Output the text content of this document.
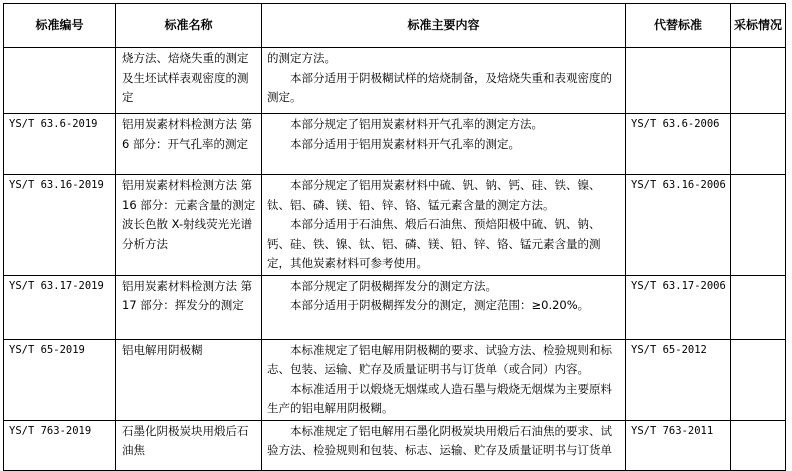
标准编号	标准名称	标准主要内容	代替标准	采标情况
	烧方法、焙烧失重的测定及生坯试样表观密度的测定	的测定方法。
本部分适用于阴极糊试样的焙烧制备，及焙烧失重和表观密度的测定。		

YS/T 63.6-2019	铝用炭素材料检测方法 第 6 部分：开气孔率的测定	本部分规定了铝用炭素材料开气孔率的测定方法。
本部分适用于铝用炭素材料开气孔率的测定。	YS/T 63.6-2006	
YS/T 63.16-2019	铝用炭素材料检测方法 第 16 部分：元素含量的测定 波长色散 X-射线荧光光谱分析方法	本部分规定了铝用炭素材料中硫、钒、钠、钙、硅、铁、镍、钛、铝、磷、镁、铅、锌、铬、锰元素含量的测定方法。
本部分适用于石油焦、煅后石油焦、预焙阳极中硫、钒、钠、钙、硅、铁、镍、钛、铝、磷、镁、铅、锌、铬、锰元素含量的测定，其他炭素材料可参考使用。	YS/T 63.16-2006	
YS/T 63.17-2019	铝用炭素材料检测方法 第 17 部分：挥发分的测定	本部分规定了阴极糊挥发分的测定方法。
本部分适用于阴极糊挥发分的测定，测定范围：≥0.20%。	YS/T 63.17-2006	
YS/T 65-2019	铝电解用阴极糊	本标准规定了铝电解用阴极糊的要求、试验方法、检验规则和标志、包装、运输、贮存及质量证明书与订货单（或合同）内容。
本标准适用于以煅烧无烟煤或人造石墨与煅烧无烟煤为主要原料生产的铝电解用阴极糊。	YS/T 65-2012	
YS/T 763-2019	石墨化阴极炭块用煅后石油焦	本标准规定了铝电解用石墨化阴极炭块用煅后石油焦的要求、试验方法、检验规则和包装、标志、运输、贮存及质量证明书与订货单	YS/T 763-2011	
